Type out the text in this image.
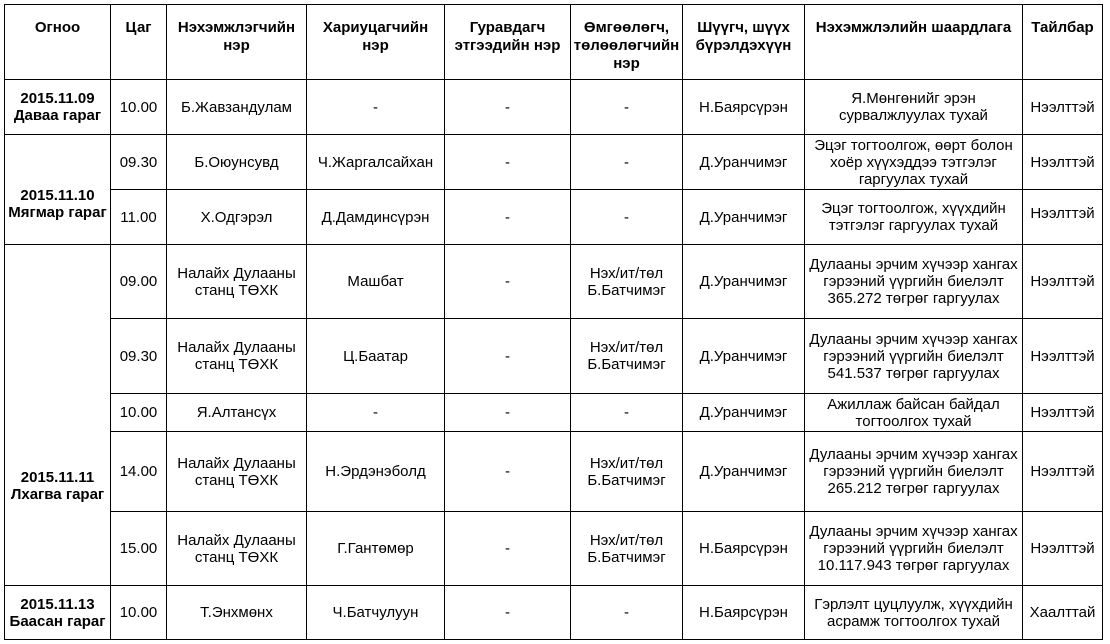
Огноо	Цаг	Нэхэмжлэгчийн нэр	Хариуцагчийн нэр	Гуравдагч этгээдийн нэр	Өмгөөлөгч, төлөөлөгчийн нэр	Шүүгч, шүүх бүрэлдэхүүн	Нэхэмжлэлийн шаардлага	Тайлбар
2015.11.09 Даваа гараг	10.00	Б.Жавзандулам	-	-	-	Н.Баярсүрэн	Я.Мөнгөнийг эрэн сурвалжлуулах тухай	Нээлттэй
2015.11.10 Мягмар гараг	09.30	Б.Оюунсувд	Ч.Жаргалсайхан	-	-	Д.Уранчимэг	Эцэг тогтоолгож, өөрт болон хоёр хүүхэддээ тэтгэлэг гаргуулах тухай	Нээлттэй
	11.00	Х.Одгэрэл	Д.Дамдинсүрэн	-	-	Д.Уранчимэг	Эцэг тогтоолгож, хүүхдийн тэтгэлэг гаргуулах тухай	Нээлттэй
2015.11.11 Лхагва гараг	09.00	Налайх Дулааны станц ТӨХК	Машбат	-	Нэх/ит/төл Б.Батчимэг	Д.Уранчимэг	Дулааны эрчим хүчээр хангах гэрээний үүргийн биелэлт 365.272 төгрөг гаргуулах	Нээлттэй
	09.30	Налайх Дулааны станц ТӨХК	Ц.Баатар	-	Нэх/ит/төл Б.Батчимэг	Д.Уранчимэг	Дулааны эрчим хүчээр хангах гэрээний үүргийн биелэлт 541.537 төгрөг гаргуулах	Нээлттэй
	10.00	Я.Алтансүх	-	-	-	Д.Уранчимэг	Ажиллаж байсан байдал тогтоолгох тухай	Нээлттэй
	14.00	Налайх Дулааны станц ТӨХК	Н.Эрдэнэболд	-	Нэх/ит/төл Б.Батчимэг	Д.Уранчимэг	Дулааны эрчим хүчээр хангах гэрээний үүргийн биелэлт 265.212 төгрөг гаргуулах	Нээлттэй
	15.00	Налайх Дулааны станц ТӨХК	Г.Гантөмөр	-	Нэх/ит/төл Б.Батчимэг	Н.Баярсүрэн	Дулааны эрчим хүчээр хангах гэрээний үүргийн биелэлт 10.117.943 төгрөг гаргуулах	Нээлттэй
2015.11.13 Баасан гараг	10.00	Т.Энхмөнх	Ч.Батчулуун	-	-	Н.Баярсүрэн	Гэрлэлт цуцлуулж, хүүхдийн асрамж тогтоолгох тухай	Хаалттай
